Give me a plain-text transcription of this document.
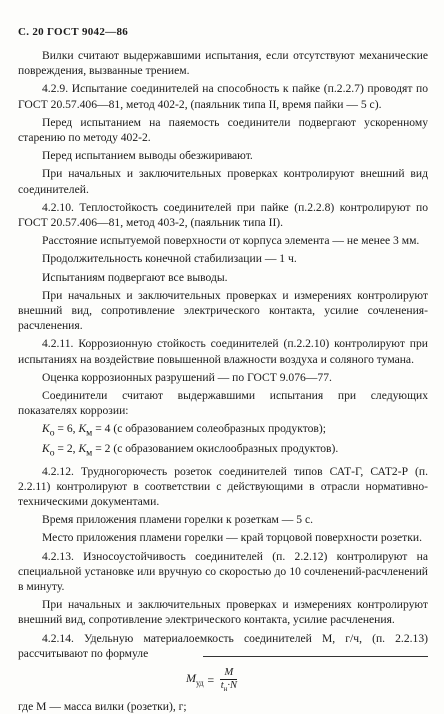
С. 20 ГОСТ 9042—86

Вилки считают выдержавшими испытания, если отсутствуют механические повреждения, вызванные трением.

4.2.9. Испытание соединителей на способность к пайке (п.2.2.7) проводят по ГОСТ 20.57.406—81, метод 402-2, (паяльник типа II, время пайки — 5 с).

Перед испытанием на паяемость соединители подвергают ускоренному старению по методу 402-2.

Перед испытанием выводы обезжиривают.

При начальных и заключительных проверках контролируют внешний вид соединителей.

4.2.10. Теплостойкость соединителей при пайке (п.2.2.8) контролируют по ГОСТ 20.57.406—81, метод 403-2, (паяльник типа II).

Расстояние испытуемой поверхности от корпуса элемента — не менее 3 мм.

Продолжительность конечной стабилизации — 1 ч.

Испытаниям подвергают все выводы.

При начальных и заключительных проверках и измерениях контролируют внешний вид, сопротивление электрического контакта, усилие сочленения-расчленения.

4.2.11. Коррозионную стойкость соединителей (п.2.2.10) контролируют при испытаниях на воздействие повышенной влажности воздуха и соляного тумана.

Оценка коррозионных разрушений — по ГОСТ 9.076—77.

Соединители считают выдержавшими испытания при следующих показателях коррозии:

$К_о = 6$, $К_м = 4$ (с образованием солеобразных продуктов);

$К_о = 2$, $К_м = 2$ (с образованием окислообразных продуктов).

4.2.12. Трудногорючесть розеток соединителей типов САТ-Г, САТ2-Р (п. 2.2.11) контролируют в соответствии с действующими в отрасли нормативно-техническими документами.

Время приложения пламени горелки к розеткам — 5 с.

Место приложения пламени горелки — край торцовой поверхности розетки.

4.2.13. Износоустойчивость соединителей (п. 2.2.12) контролируют на специальной установке или вручную со скоростью до 10 сочленений-расчленений в минуту.

При начальных и заключительных проверках и измерениях контролируют внешний вид, сопротивление электрического контакта, усилие расчленения.

4.2.14. Удельную материалоемкость соединителей М, г/ч, (п. 2.2.13) рассчитывают по формуле

$М_{уд} = \frac{М}{t_н\cdot N}$

где М — масса вилки (розетки), г;
